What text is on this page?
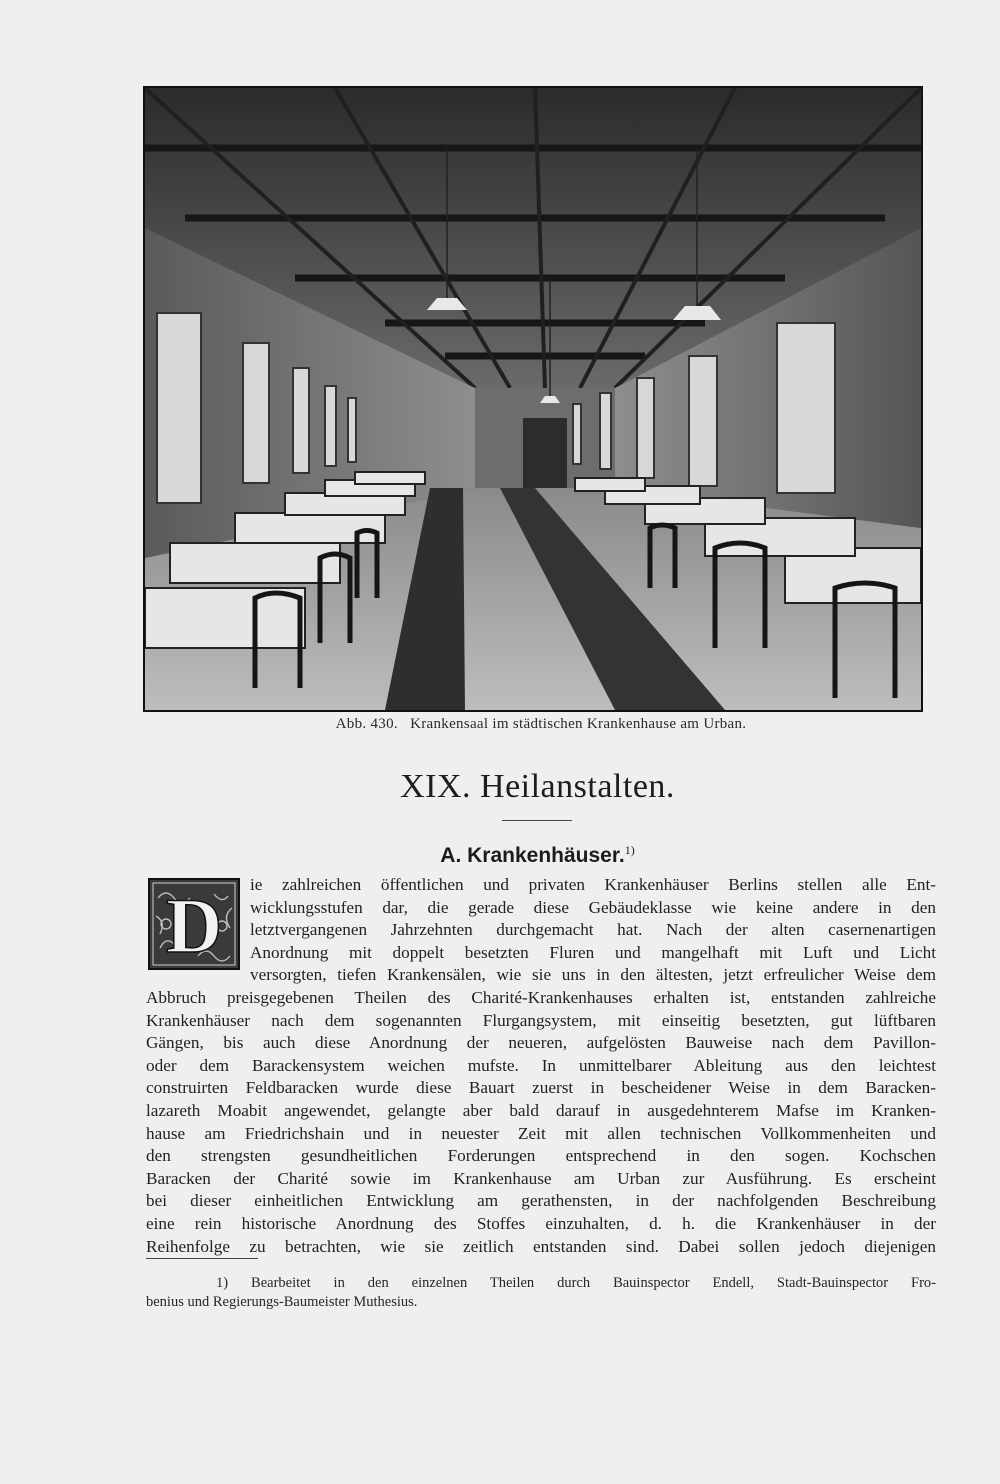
Abb. 430. Krankensaal im städtischen Krankenhause am Urban.
XIX. Heilanstalten.
A. Krankenhäuser.$^{1)}$
D	ie zahlreichen öffentlichen und privaten Krankenhäuser Berlins stellen alle Ent-
wicklungsstufen dar, die gerade diese Gebäudeklasse wie keine andere in den
letztvergangenen Jahrzehnten durchgemacht hat. Nach der alten casernenartigen
Anordnung mit doppelt besetzten Fluren und mangelhaft mit Luft und Licht
versorgten, tiefen Krankensälen, wie sie uns in den ältesten, jetzt erfreulicher Weise dem
Abbruch preisgegebenen Theilen des Charité-Krankenhauses erhalten ist, entstanden zahlreiche
Krankenhäuser nach dem sogenannten Flurgangsystem, mit einseitig besetzten, gut lüftbaren
Gängen, bis auch diese Anordnung der neueren, aufgelösten Bauweise nach dem Pavillon-
oder dem Barackensystem weichen mufste. In unmittelbarer Ableitung aus den leichtest
construirten Feldbaracken wurde diese Bauart zuerst in bescheidener Weise in dem Baracken-
lazareth Moabit angewendet, gelangte aber bald darauf in ausgedehnterem Mafse im Kranken-
hause am Friedrichshain und in neuester Zeit mit allen technischen Vollkommenheiten und
den strengsten gesundheitlichen Forderungen entsprechend in den sogen. Kochschen
Baracken der Charité sowie im Krankenhause am Urban zur Ausführung. Es erscheint
bei dieser einheitlichen Entwicklung am gerathensten, in der nachfolgenden Beschreibung
eine rein historische Anordnung des Stoffes einzuhalten, d. h. die Krankenhäuser in der
Reihenfolge zu betrachten, wie sie zeitlich entstanden sind. Dabei sollen jedoch diejenigen
1) Bearbeitet in den einzelnen Theilen durch Bauinspector Endell, Stadt-Bauinspector Fro-
benius und Regierungs-Baumeister Muthesius.
